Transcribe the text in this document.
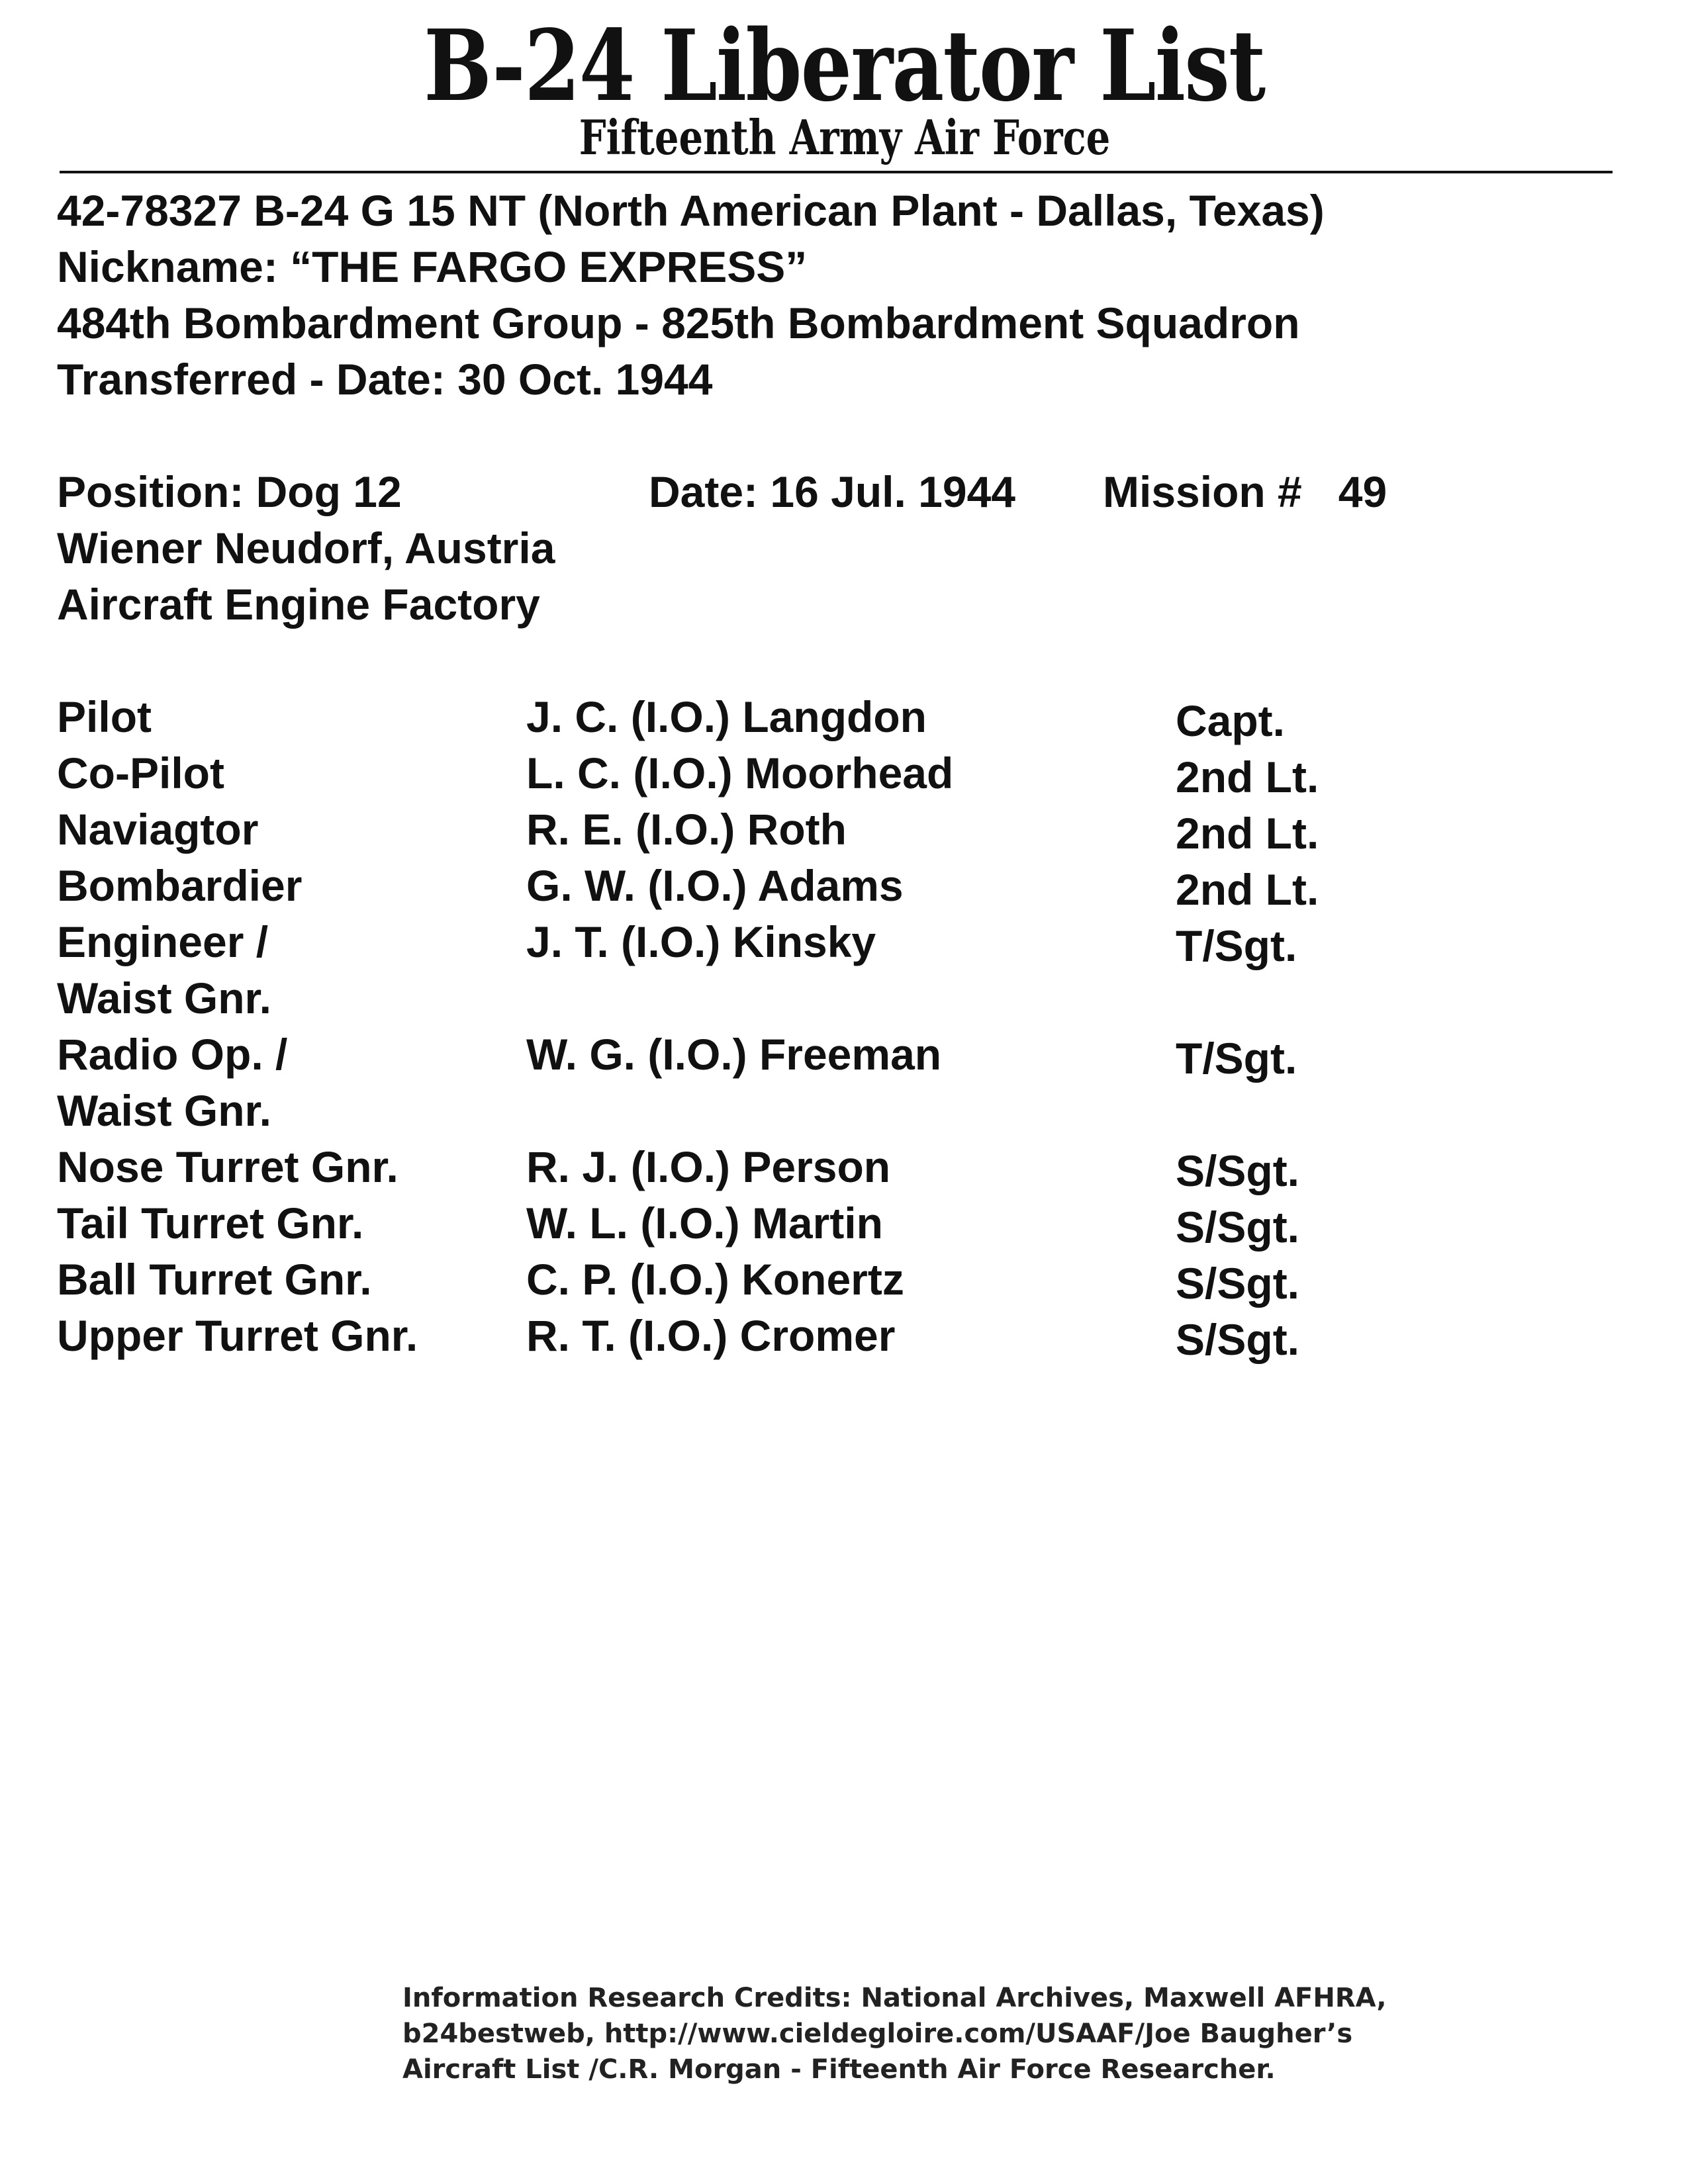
B-24 Liberator List
Fifteenth Army Air Force
42-78327 B-24 G 15 NT (North American Plant - Dallas, Texas)
Nickname: “THE FARGO EXPRESS”
484th Bombardment Group - 825th Bombardment Squadron
Transferred - Date: 30 Oct. 1944
Position: Dog 12	Date: 16 Jul. 1944 Mission #   49
Wiener Neudorf, Austria
Aircraft Engine Factory
Pilot	J. C. (I.O.) Langdon	Capt.
Co-Pilot	L. C. (I.O.) Moorhead	2nd Lt.
Naviagtor	R. E. (I.O.) Roth	2nd Lt.
Bombardier	G. W. (I.O.) Adams	2nd Lt.
Engineer /
Waist Gnr.
J. T. (I.O.) Kinsky	T/Sgt.
Radio Op. /
Waist Gnr.
W. G. (I.O.) Freeman	T/Sgt.
Nose Turret Gnr.	R. J. (I.O.) Person	S/Sgt.
Tail Turret Gnr.	W. L. (I.O.) Martin	S/Sgt.
Ball Turret Gnr.	C. P. (I.O.) Konertz	S/Sgt.
Upper Turret Gnr. R. T. (I.O.) Cromer	S/Sgt.
Information Research Credits: National Archives, Maxwell AFHRA,
b24bestweb, http://www.cieldegloire.com/USAAF/Joe Baugher’s
Aircraft List /C.R. Morgan - Fifteenth Air Force Researcher.
